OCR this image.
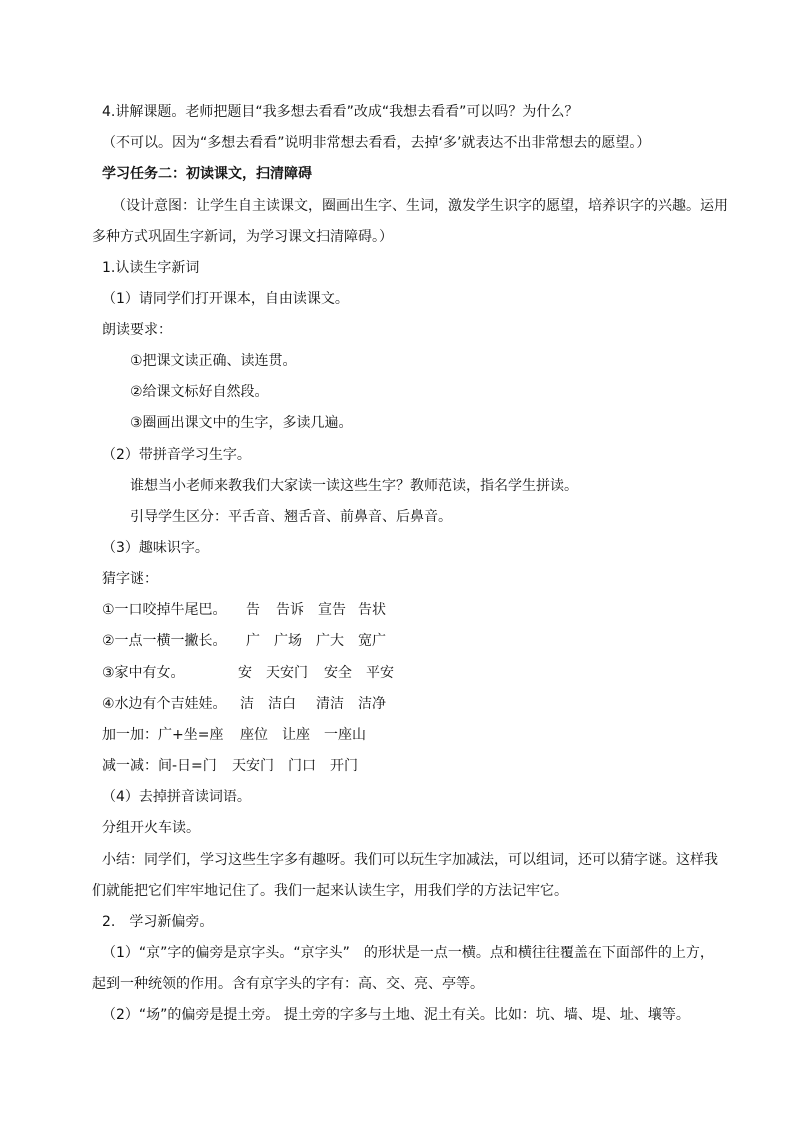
4.讲解课题。老师把题目“我多想去看看”改成“我想去看看”可以吗？为什么？
（不可以。因为“多想去看看”说明非常想去看看，去掉‘多’就表达不出非常想去的愿望。）
学习任务二：初读课文，扫清障碍
（设计意图：让学生自主读课文，圈画出生字、生词，激发学生识字的愿望，培养识字的兴趣。运用
多种方式巩固生字新词，为学习课文扫清障碍。）
1.认读生字新词
（1）请同学们打开课本，自由读课文。
朗读要求：
①把课文读正确、读连贯。
②给课文标好自然段。
③圈画出课文中的生字，多读几遍。
（2）带拼音学习生字。
谁想当小老师来教我们大家读一读这些生字？教师范读，指名学生拼读。
引导学生区分：平舌音、翘舌音、前鼻音、后鼻音。
（3）趣味识字。
猜字谜：
①一口咬掉牛尾巴。 告 告诉 宣告 告状
②一点一横一撇长。 广 广场 广大 宽广
③家中有女。	安 天安门 安全 平安
④水边有个吉娃娃。 洁 洁白 清洁 洁净
加一加：广+坐=座 座位 让座 一座山
减一减：间-日=门 天安门 门口 开门
（4）去掉拼音读词语。
分组开火车读。
小结：同学们，学习这些生字多有趣呀。我们可以玩生字加减法，可以组词，还可以猜字谜。这样我
们就能把它们牢牢地记住了。我们一起来认读生字，用我们学的方法记牢它。
2.　学习新偏旁。
（1）“京”字的偏旁是京字头。“京字头”　的形状是一点一横。点和横往往覆盖在下面部件的上方，
起到一种统领的作用。含有京字头的字有：高、交、亮、亭等。
（2）“场”的偏旁是提土旁。 提土旁的字多与土地、泥土有关。比如：坑、墙、堤、址、壤等。
